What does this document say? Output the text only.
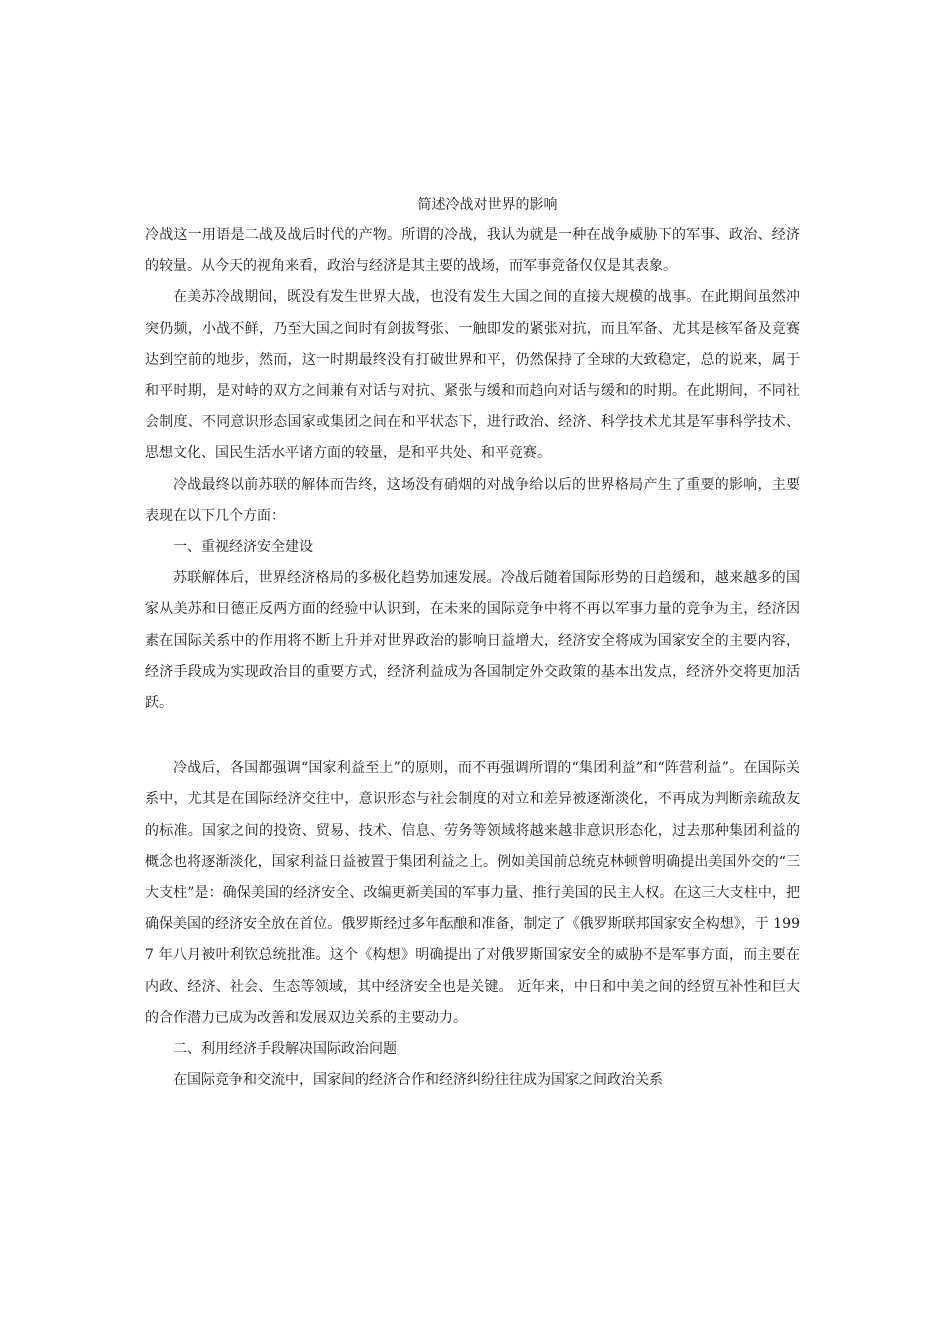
简述冷战对世界的影响

冷战这一用语是二战及战后时代的产物。所谓的冷战，我认为就是一种在战争威胁下的军事、政治、经济的较量。从今天的视角来看，政治与经济是其主要的战场，而军事竞备仅仅是其表象。

在美苏冷战期间，既没有发生世界大战，也没有发生大国之间的直接大规模的战事。在此期间虽然冲突仍频，小战不鲜，乃至大国之间时有剑拔弩张、一触即发的紧张对抗，而且军备、尤其是核军备及竞赛达到空前的地步，然而，这一时期最终没有打破世界和平，仍然保持了全球的大致稳定，总的说来，属于和平时期，是对峙的双方之间兼有对话与对抗、紧张与缓和而趋向对话与缓和的时期。在此期间，不同社会制度、不同意识形态国家或集团之间在和平状态下，进行政治、经济、科学技术尤其是军事科学技术、思想文化、国民生活水平诸方面的较量，是和平共处、和平竞赛。

冷战最终以前苏联的解体而告终，这场没有硝烟的对战争给以后的世界格局产生了重要的影响，主要表现在以下几个方面：

一、重视经济安全建设

苏联解体后，世界经济格局的多极化趋势加速发展。冷战后随着国际形势的日趋缓和，越来越多的国家从美苏和日德正反两方面的经验中认识到，在未来的国际竞争中将不再以军事力量的竞争为主，经济因素在国际关系中的作用将不断上升并对世界政治的影响日益增大，经济安全将成为国家安全的主要内容，经济手段成为实现政治目的重要方式，经济利益成为各国制定外交政策的基本出发点，经济外交将更加活跃。

冷战后，各国都强调“国家利益至上”的原则，而不再强调所谓的“集团利益”和“阵营利益”。在国际关系中，尤其是在国际经济交往中，意识形态与社会制度的对立和差异被逐渐淡化，不再成为判断亲疏敌友的标准。国家之间的投资、贸易、技术、信息、劳务等领域将越来越非意识形态化，过去那种集团利益的概念也将逐渐淡化，国家利益日益被置于集团利益之上。例如美国前总统克林顿曾明确提出美国外交的“三大支柱”是：确保美国的经济安全、改编更新美国的军事力量、推行美国的民主人权。在这三大支柱中，把确保美国的经济安全放在首位。俄罗斯经过多年酝酿和准备，制定了《俄罗斯联邦国家安全构想》，于 1997 年八月被叶利钦总统批准。这个《构想》明确提出了对俄罗斯国家安全的威胁不是军事方面，而主要在内政、经济、社会、生态等领域，其中经济安全也是关键。 近年来，中日和中美之间的经贸互补性和巨大的合作潜力已成为改善和发展双边关系的主要动力。

二、利用经济手段解决国际政治问题

在国际竞争和交流中，国家间的经济合作和经济纠纷往往成为国家之间政治关系
